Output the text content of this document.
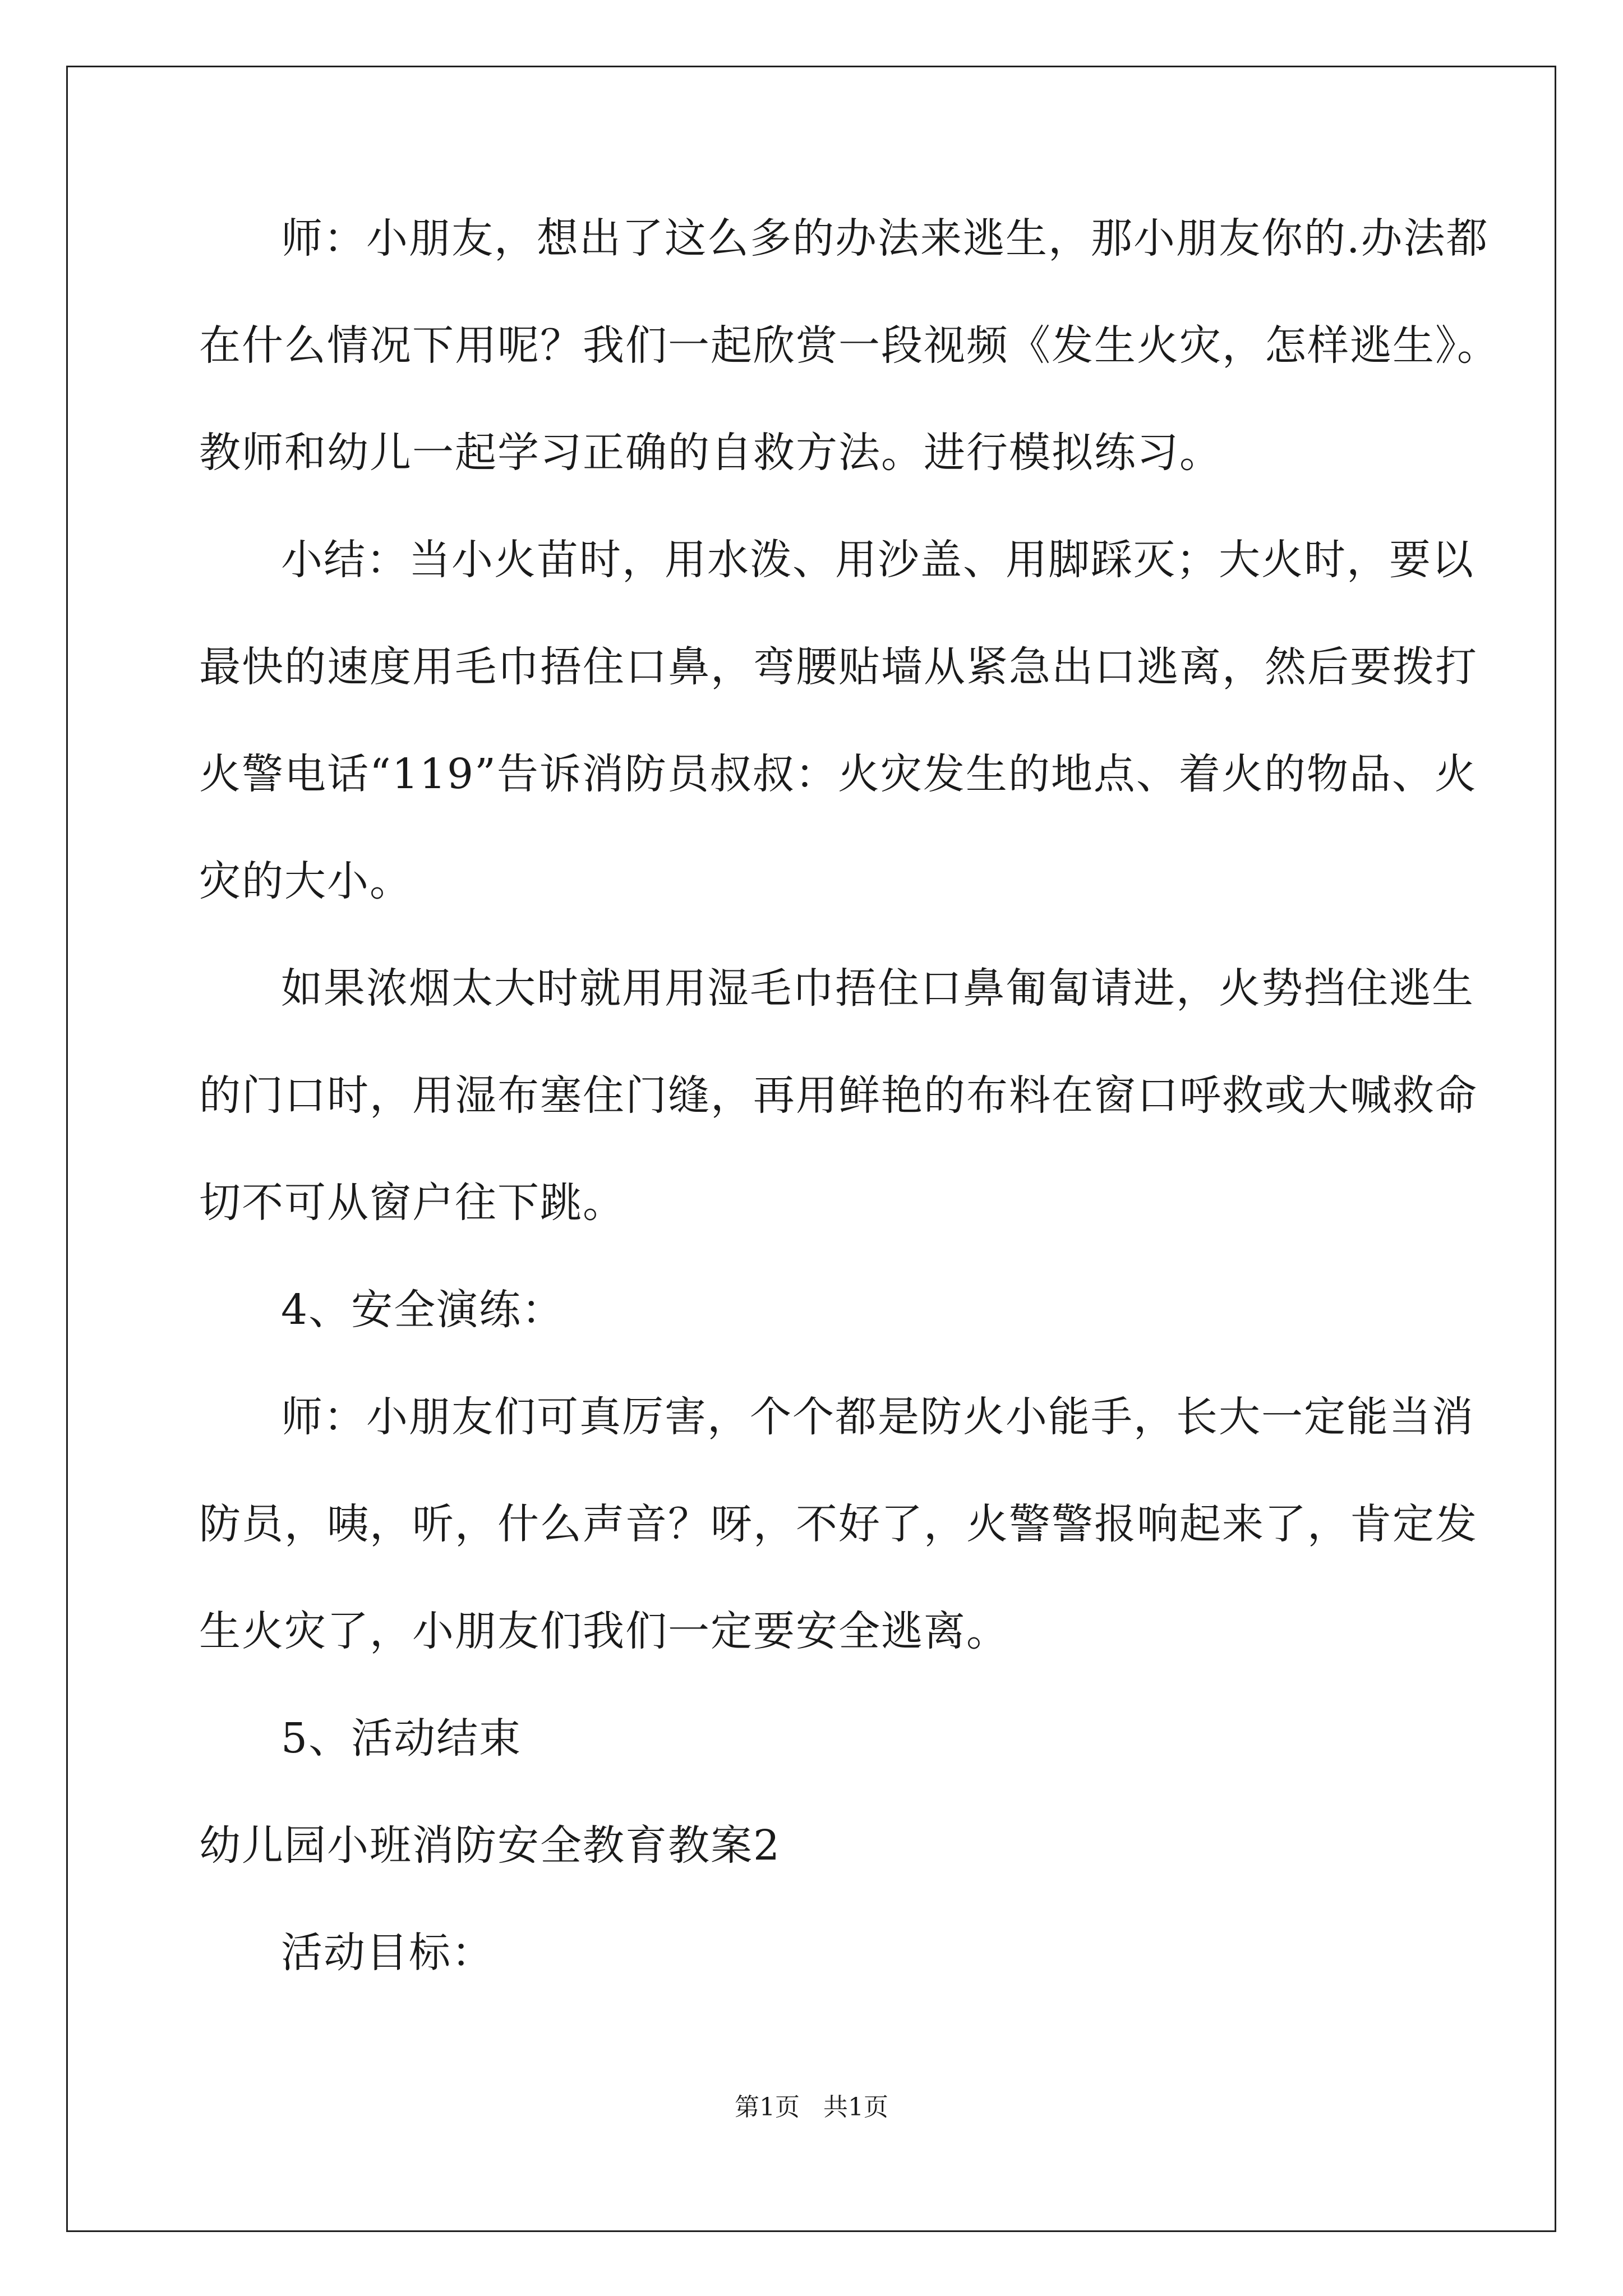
师：小朋友，想出了这么多的办法来逃生，那小朋友你的.办法都
在什么情况下用呢？我们一起欣赏一段视频《发生火灾，怎样逃生》。
教师和幼儿一起学习正确的自救方法。进行模拟练习。
小结：当小火苗时，用水泼、用沙盖、用脚踩灭；大火时，要以
最快的速度用毛巾捂住口鼻，弯腰贴墙从紧急出口逃离，然后要拨打
火警电话“119”告诉消防员叔叔：火灾发生的地点、着火的物品、火
灾的大小。
如果浓烟太大时就用用湿毛巾捂住口鼻匍匐请进，火势挡住逃生
的门口时，用湿布塞住门缝，再用鲜艳的布料在窗口呼救或大喊救命
切不可从窗户往下跳。
4、安全演练：
师：小朋友们可真厉害，个个都是防火小能手，长大一定能当消
防员，咦，听，什么声音？呀，不好了，火警警报响起来了，肯定发
生火灾了，小朋友们我们一定要安全逃离。
5、活动结束
幼儿园小班消防安全教育教案2
活动目标：
第1页   共1页
